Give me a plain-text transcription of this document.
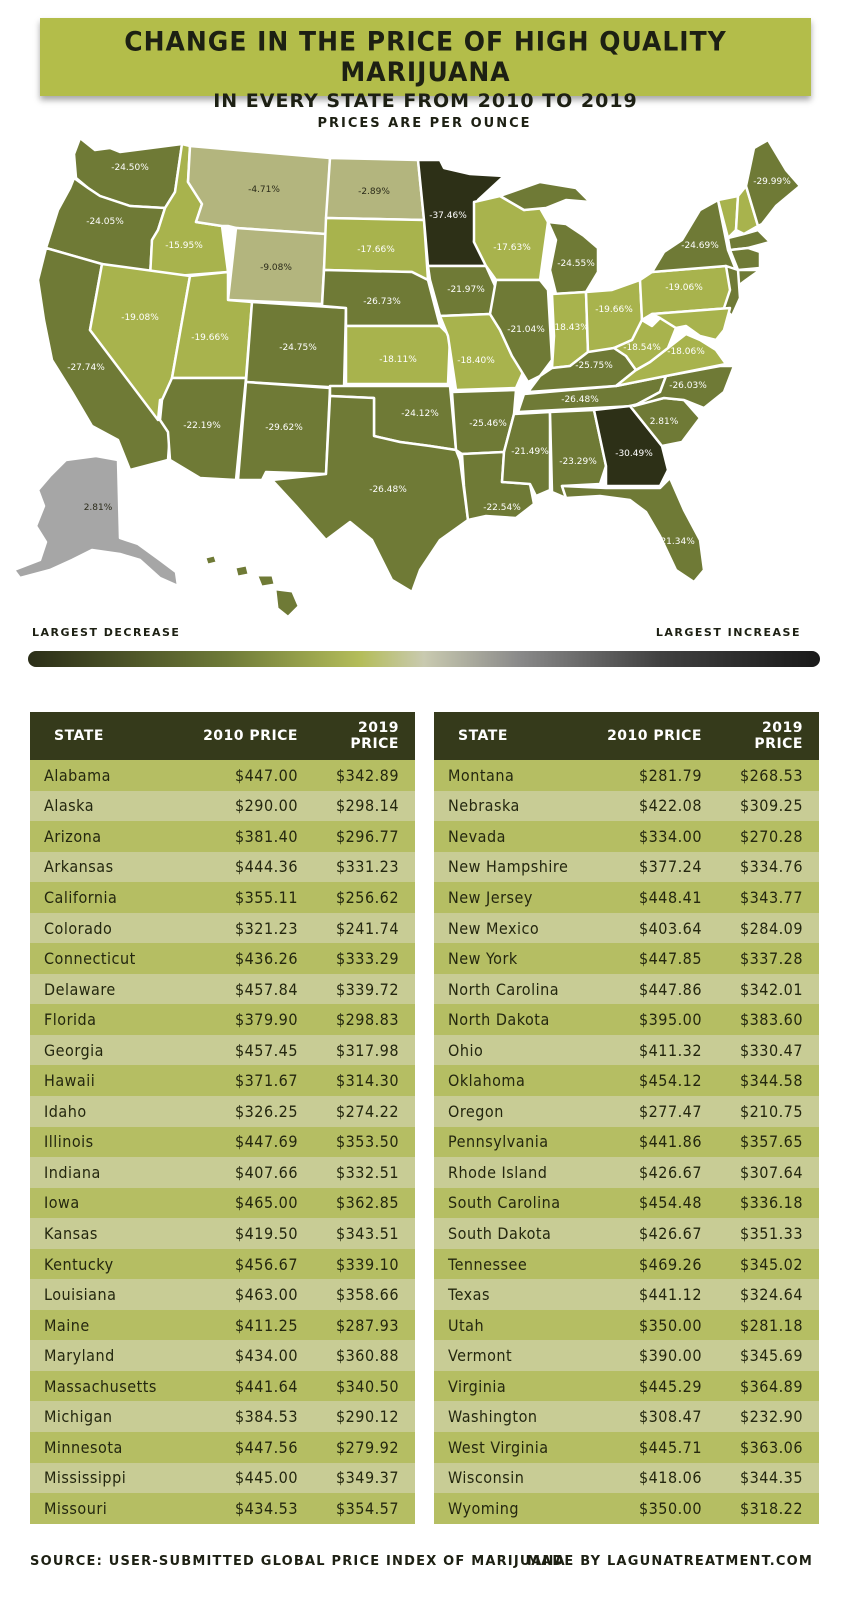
CHANGE IN THE PRICE OF HIGH QUALITY MARIJUANA
IN EVERY STATE FROM 2010 TO 2019
PRICES ARE PER OUNCE
-24.50%
-24.05%
-27.74%
-15.95%
-19.08%
-4.71%
-9.08%
-19.66%
-22.19%
-24.75%
-29.62%
-2.89%
-17.66%
-26.73%
-18.11%
-24.12%
-26.48%
-37.46%
-21.97%
-18.40%
-25.46%
-22.54%
-17.63%
-21.04%
-24.55%
-18.43%
-19.66%
-25.75%
-26.48%
-21.49%
-23.29%
-30.49%
-21.34%
2.81%
-26.03%
-18.06%
-18.54%
-19.06%
-24.69%
-29.99%
2.81%
LARGEST DECREASE	LARGEST INCREASE
STATE	2010 PRICE	2019 PRICE
Alabama	$447.00	$342.89
Alaska	$290.00	$298.14
Arizona	$381.40	$296.77
Arkansas	$444.36	$331.23
California	$355.11	$256.62
Colorado	$321.23	$241.74
Connecticut	$436.26	$333.29
Delaware	$457.84	$339.72
Florida	$379.90	$298.83
Georgia	$457.45	$317.98
Hawaii	$371.67	$314.30
Idaho	$326.25	$274.22
Illinois	$447.69	$353.50
Indiana	$407.66	$332.51
Iowa	$465.00	$362.85
Kansas	$419.50	$343.51
Kentucky	$456.67	$339.10
Louisiana	$463.00	$358.66
Maine	$411.25	$287.93
Maryland	$434.00	$360.88
Massachusetts	$441.64	$340.50
Michigan	$384.53	$290.12
Minnesota	$447.56	$279.92
Mississippi	$445.00	$349.37
Missouri	$434.53	$354.57
STATE	2010 PRICE	2019 PRICE
Montana	$281.79	$268.53
Nebraska	$422.08	$309.25
Nevada	$334.00	$270.28
New Hampshire	$377.24	$334.76
New Jersey	$448.41	$343.77
New Mexico	$403.64	$284.09
New York	$447.85	$337.28
North Carolina	$447.86	$342.01
North Dakota	$395.00	$383.60
Ohio	$411.32	$330.47
Oklahoma	$454.12	$344.58
Oregon	$277.47	$210.75
Pennsylvania	$441.86	$357.65
Rhode Island	$426.67	$307.64
South Carolina	$454.48	$336.18
South Dakota	$426.67	$351.33
Tennessee	$469.26	$345.02
Texas	$441.12	$324.64
Utah	$350.00	$281.18
Vermont	$390.00	$345.69
Virginia	$445.29	$364.89
Washington	$308.47	$232.90
West Virginia	$445.71	$363.06
Wisconsin	$418.06	$344.35
Wyoming	$350.00	$318.22
SOURCE: USER-SUBMITTED GLOBAL PRICE INDEX OF MARIJUANA
MADE BY LAGUNATREATMENT.COM
